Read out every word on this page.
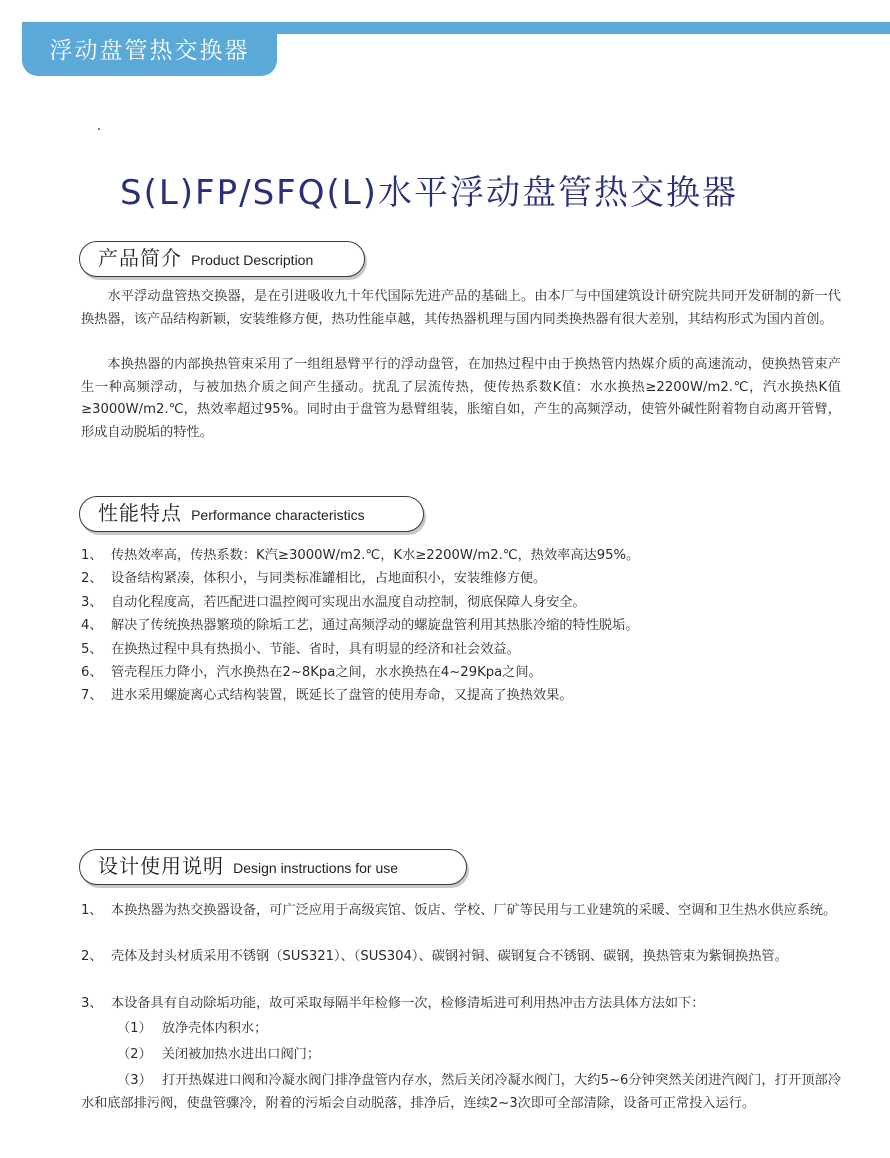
浮动盘管热交换器
S(L)FP/SFQ(L)水平浮动盘管热交换器
产品简介 Product Description

水平浮动盘管热交换器，是在引进吸收九十年代国际先进产品的基础上。由本厂与中国建筑设计研究院共同开发研制的新一代换热器，该产品结构新颖，安装维修方便，热功性能卓越，其传热器机理与国内同类换热器有很大差别，其结构形式为国内首创。

本换热器的内部换热管束采用了一组组悬臂平行的浮动盘管，在加热过程中由于换热管内热媒介质的高速流动，使换热管束产生一种高频浮动，与被加热介质之间产生搔动。扰乱了层流传热，使传热系数K值：水水换热≥2200W/m2.℃，汽水换热K值≥3000W/m2.℃，热效率超过95%。同时由于盘管为悬臂组装，胀缩自如，产生的高频浮动，使管外碱性附着物自动离开管臂，形成自动脱垢的特性。

性能特点 Performance characteristics
1、 传热效率高，传热系数：K汽≥3000W/m2.℃，K水≥2200W/m2.℃，热效率高达95%。
2、 设备结构紧凑，体积小，与同类标准罐相比，占地面积小，安装维修方便。
3、 自动化程度高，若匹配进口温控阀可实现出水温度自动控制，彻底保障人身安全。
4、 解决了传统换热器繁琐的除垢工艺，通过高频浮动的螺旋盘管利用其热胀冷缩的特性脱垢。
5、 在换热过程中具有热损小、节能、省时，具有明显的经济和社会效益。
6、 管壳程压力降小，汽水换热在2~8Kpa之间，水水换热在4~29Kpa之间。
7、 进水采用螺旋离心式结构装置，既延长了盘管的使用寿命，又提高了换热效果。
设计使用说明 Design instructions for use

1、 本换热器为热交换器设备，可广泛应用于高级宾馆、饭店、学校、厂矿等民用与工业建筑的采暖、空调和卫生热水供应系统。

2、 壳体及封头材质采用不锈钢（SUS321）、（SUS304）、碳钢衬铜、碳钢复合不锈钢、碳钢，换热管束为紫铜换热管。

3、 本设备具有自动除垢功能，故可采取每隔半年检修一次，检修清垢进可利用热冲击方法具体方法如下：

（1） 放净壳体内积水；

（2） 关闭被加热水进出口阀门；

（3） 打开热媒进口阀和冷凝水阀门排净盘管内存水，然后关闭冷凝水阀门，大约5~6分钟突然关闭进汽阀门，打开顶部冷水和底部排污阀，使盘管骤冷，附着的污垢会自动脱落，排净后，连续2~3次即可全部清除，设备可正常投入运行。
